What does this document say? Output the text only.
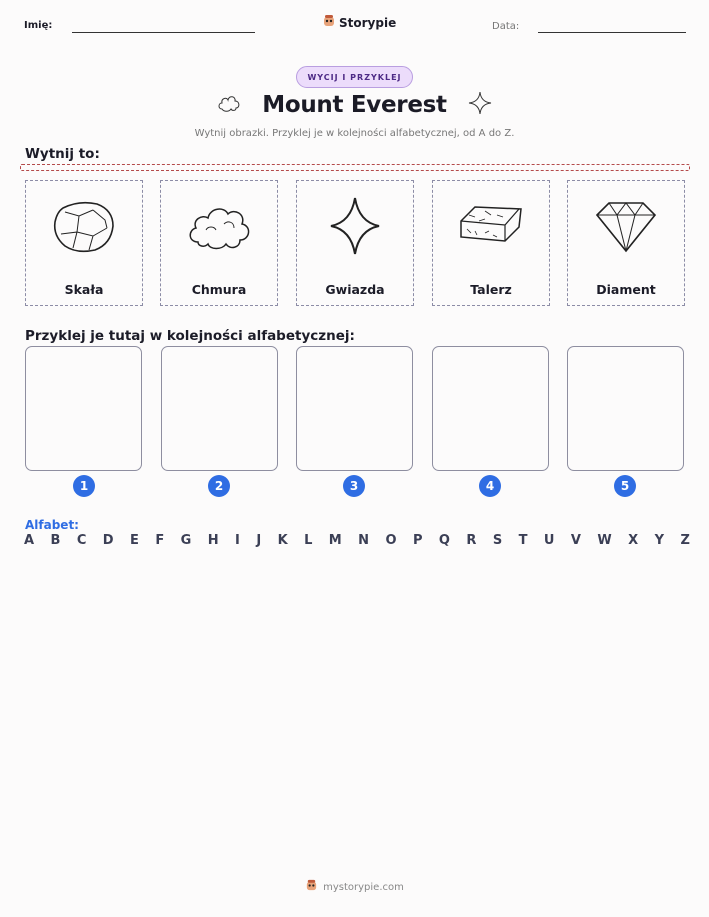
Imię:	Storypie	Data:
WYCIJ I PRZYKLEJ
Mount Everest
Wytnij obrazki. Przyklej je w kolejności alfabetycznej, od A do Z.
Wytnij to:
Skała	Chmura	Gwiazda	Talerz	Diament
Przyklej je tutaj w kolejności alfabetycznej:
1	2	3	4	5
Alfabet:
A B C D E F G H I J K L M N O P Q R S T U V W X Y Z
mystorypie.com
